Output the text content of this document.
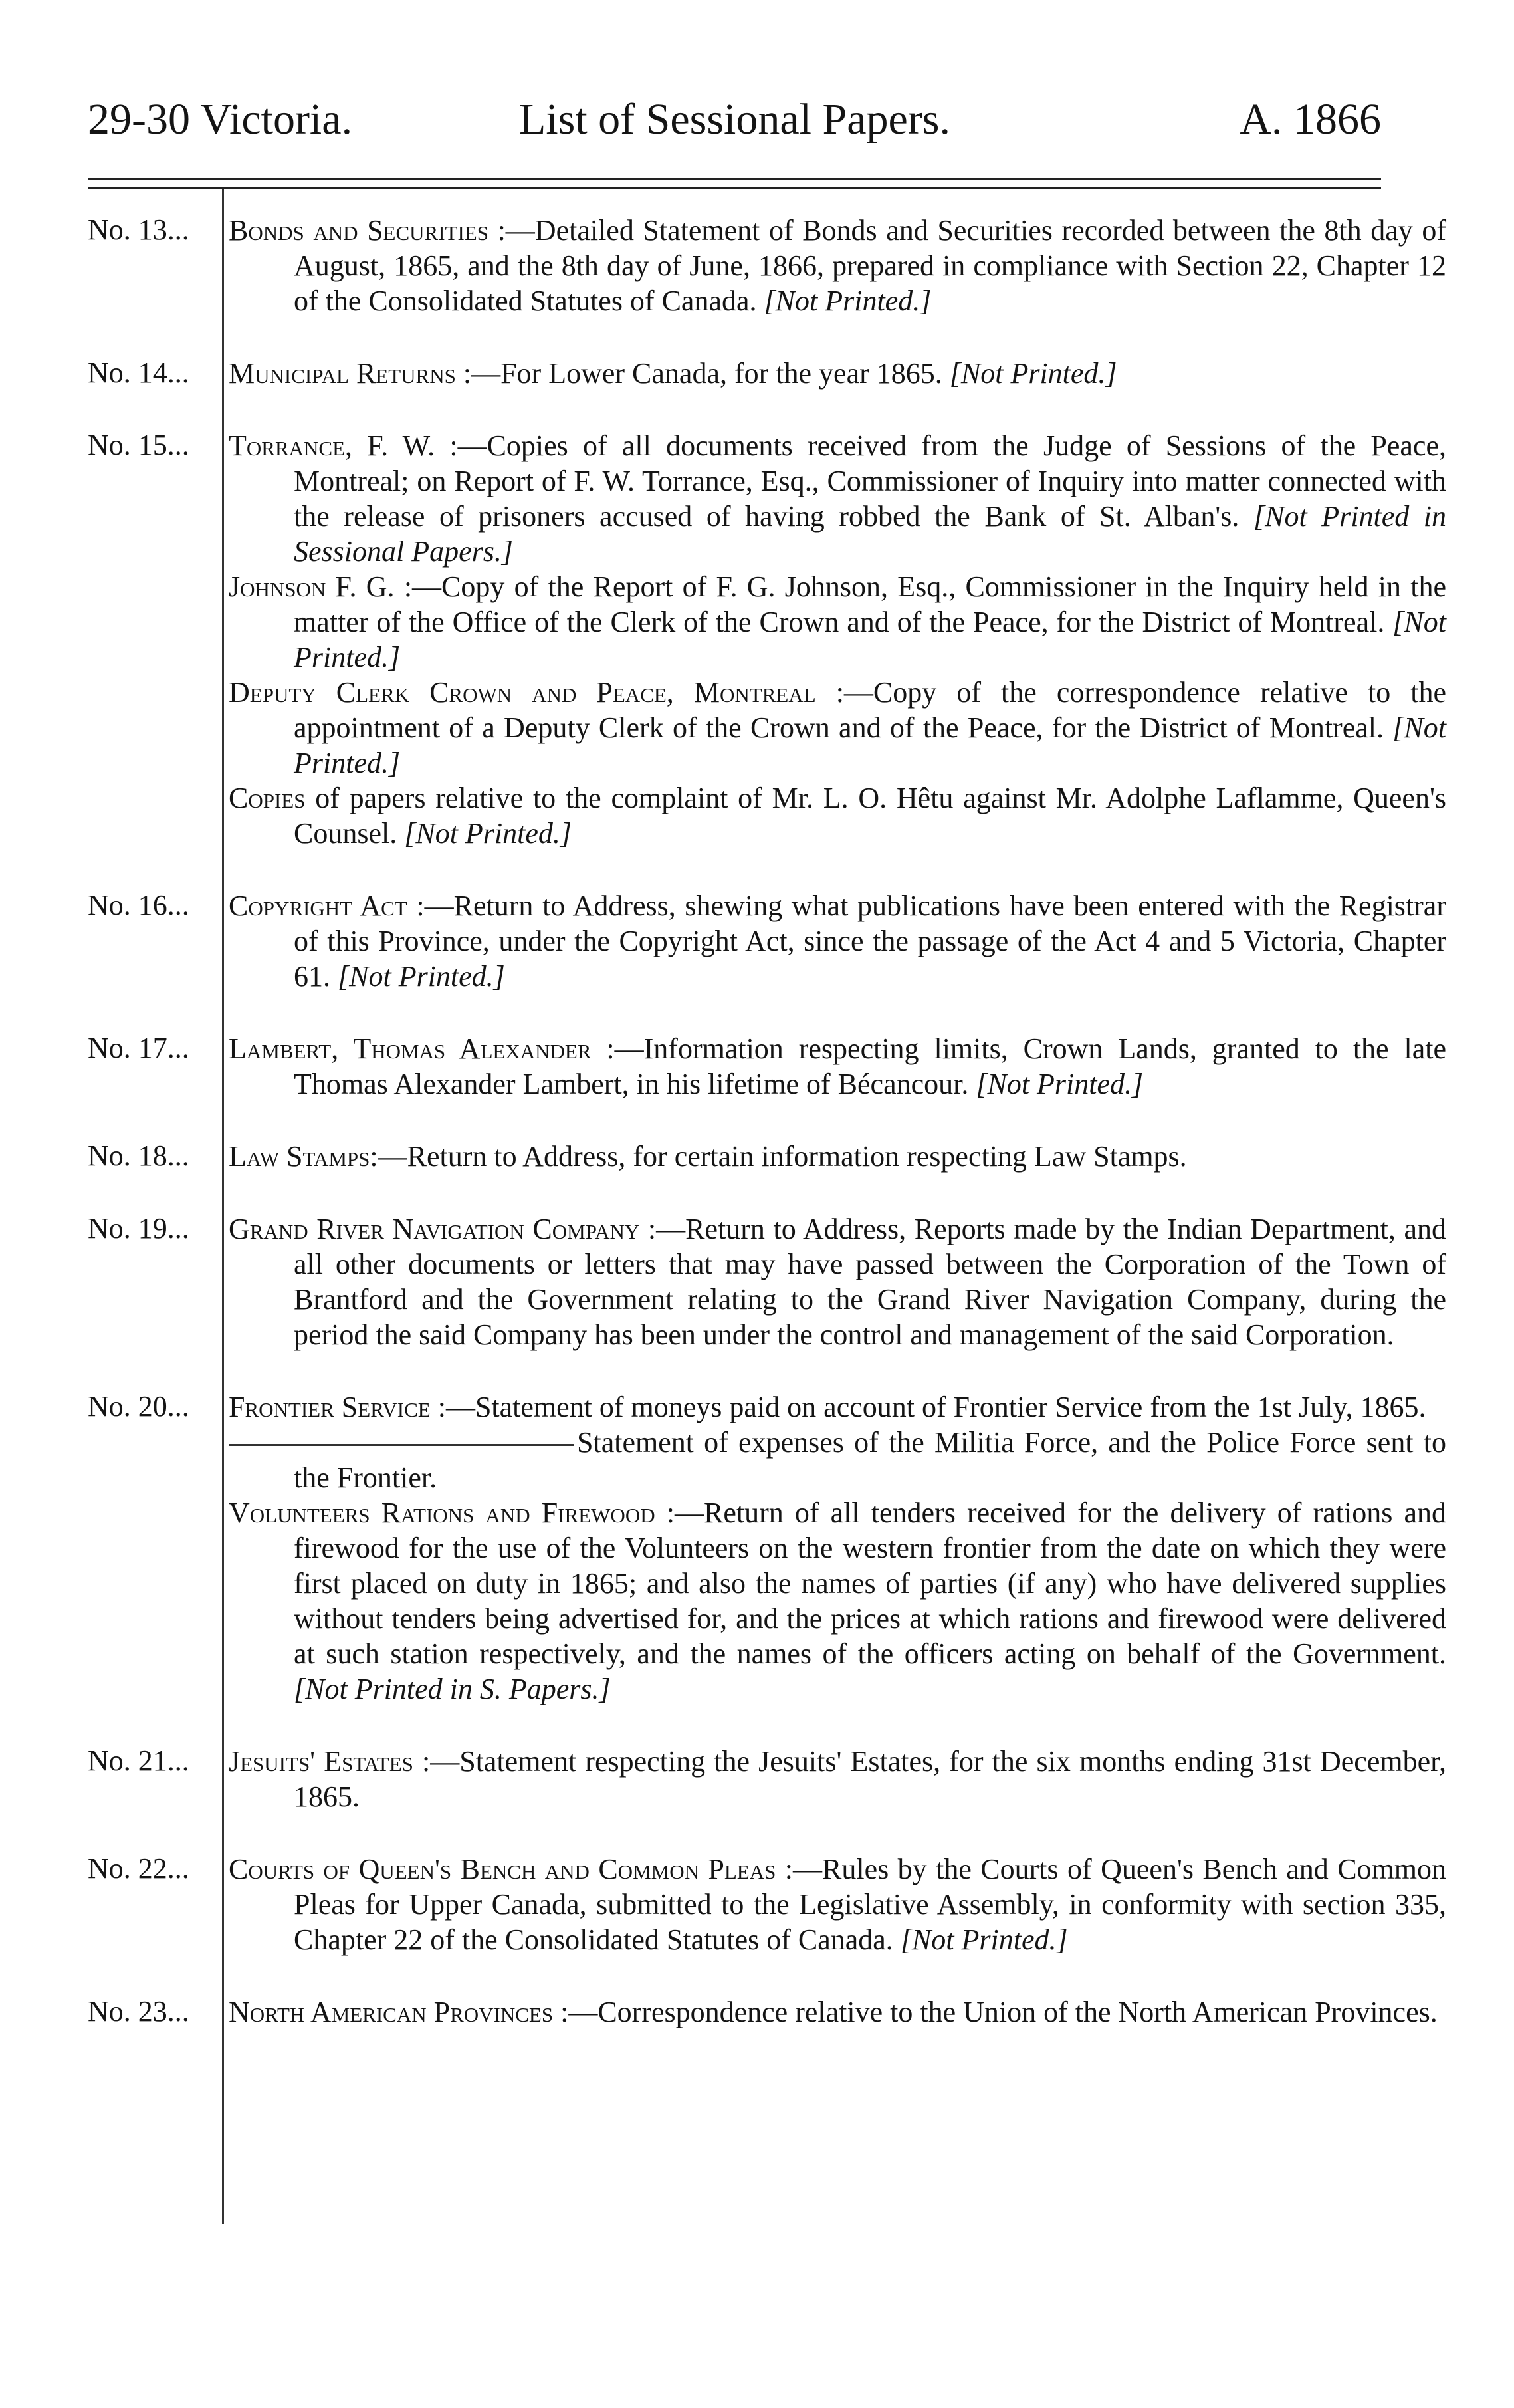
29-30 Victoria.	List of Sessional Papers.	A. 1866
No. 13...	Bonds and Securities :—Detailed Statement of Bonds and Securities recorded between the 8th day of August, 1865, and the 8th day of June, 1866, prepared in compliance with Section 22, Chapter 12 of the Consolidated Statutes of Canada. [Not Printed.]
No. 14...	Municipal Returns :—For Lower Canada, for the year 1865. [Not Printed.]
No. 15...	Torrance, F. W. :—Copies of all documents received from the Judge of Sessions of the Peace, Montreal; on Report of F. W. Torrance, Esq., Commissioner of Inquiry into matter connected with the release of prisoners accused of having robbed the Bank of St. Alban's. [Not Printed in Sessional Papers.]
Johnson F. G. :—Copy of the Report of F. G. Johnson, Esq., Commissioner in the Inquiry held in the matter of the Office of the Clerk of the Crown and of the Peace, for the District of Montreal. [Not Printed.]
Deputy Clerk Crown and Peace, Montreal :—Copy of the correspondence relative to the appointment of a Deputy Clerk of the Crown and of the Peace, for the District of Montreal. [Not Printed.]
Copies of papers relative to the complaint of Mr. L. O. Hêtu against Mr. Adolphe Laflamme, Queen's Counsel. [Not Printed.]
No. 16...	Copyright Act :—Return to Address, shewing what publications have been entered with the Registrar of this Province, under the Copyright Act, since the passage of the Act 4 and 5 Victoria, Chapter 61. [Not Printed.]
No. 17...	Lambert, Thomas Alexander :—Information respecting limits, Crown Lands, granted to the late Thomas Alexander Lambert, in his lifetime of Bécancour. [Not Printed.]
No. 18...	Law Stamps:—Return to Address, for certain information respecting Law Stamps.
No. 19...	Grand River Navigation Company :—Return to Address, Reports made by the Indian Department, and all other documents or letters that may have passed between the Corporation of the Town of Brantford and the Government relating to the Grand River Navigation Company, during the period the said Company has been under the control and management of the said Corporation.
No. 20...	Frontier Service :—Statement of moneys paid on account of Frontier Service from the 1st July, 1865.
Statement of expenses of the Militia Force, and the Police Force sent to the Frontier.
Volunteers Rations and Firewood :—Return of all tenders received for the delivery of rations and firewood for the use of the Volunteers on the western frontier from the date on which they were first placed on duty in 1865; and also the names of parties (if any) who have delivered supplies without tenders being advertised for, and the prices at which rations and firewood were delivered at such station respectively, and the names of the officers acting on behalf of the Government. [Not Printed in S. Papers.]
No. 21...	Jesuits' Estates :—Statement respecting the Jesuits' Estates, for the six months ending 31st December, 1865.
No. 22...	Courts of Queen's Bench and Common Pleas :—Rules by the Courts of Queen's Bench and Common Pleas for Upper Canada, submitted to the Legislative Assembly, in conformity with section 335, Chapter 22 of the Consolidated Statutes of Canada. [Not Printed.]
No. 23...	North American Provinces :—Correspondence relative to the Union of the North American Provinces.
